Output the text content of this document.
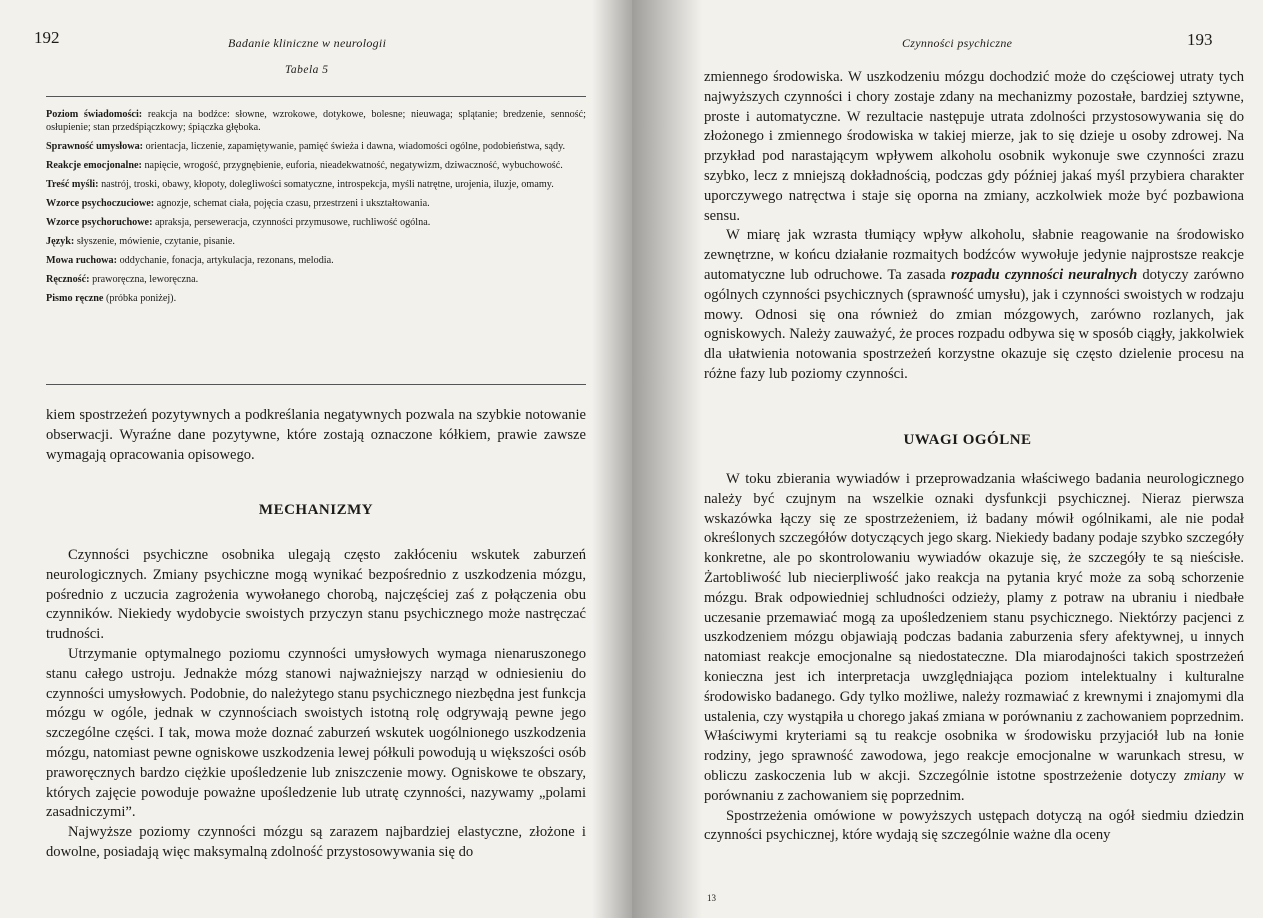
192	Badanie kliniczne w neurologii
Tabela 5
Poziom świadomości: reakcja na bodźce: słowne, wzrokowe, dotykowe, bolesne; nieuwaga; splątanie; bredzenie, senność; osłupienie; stan przedśpiączkowy; śpiączka głęboka.
Sprawność umysłowa: orientacja, liczenie, zapamiętywanie, pamięć świeża i dawna, wiadomości ogólne, podobieństwa, sądy.
Reakcje emocjonalne: napięcie, wrogość, przygnębienie, euforia, nieadekwatność, negatywizm, dziwaczność, wybuchowość.
Treść myśli: nastrój, troski, obawy, kłopoty, dolegliwości somatyczne, introspekcja, myśli natrętne, urojenia, iluzje, omamy.
Wzorce psychoczuciowe: agnozje, schemat ciała, pojęcia czasu, przestrzeni i ukształtowania.
Wzorce psychoruchowe: apraksja, perseweracja, czynności przymusowe, ruchliwość ogólna.
Język: słyszenie, mówienie, czytanie, pisanie.
Mowa ruchowa: oddychanie, fonacja, artykulacja, rezonans, melodia.
Ręczność: praworęczna, leworęczna.
Pismo ręczne (próbka poniżej).

kiem spostrzeżeń pozytywnych a podkreślania negatywnych pozwala na szybkie notowanie obserwacji. Wyraźne dane pozytywne, które zostają oznaczone kółkiem, prawie zawsze wymagają opracowania opisowego.

MECHANIZMY

Czynności psychiczne osobnika ulegają często zakłóceniu wskutek zaburzeń neurologicznych. Zmiany psychiczne mogą wynikać bezpośrednio z uszkodzenia mózgu, pośrednio z uczucia zagrożenia wywołanego chorobą, najczęściej zaś z połączenia obu czynników. Niekiedy wydobycie swoistych przyczyn stanu psychicznego może nastręczać trudności.

Utrzymanie optymalnego poziomu czynności umysłowych wymaga nienaruszonego stanu całego ustroju. Jednakże mózg stanowi najważniejszy narząd w odniesieniu do czynności umysłowych. Podobnie, do należytego stanu psychicznego niezbędna jest funkcja mózgu w ogóle, jednak w czynnościach swoistych istotną rolę odgrywają pewne jego szczególne części. I tak, mowa może doznać zaburzeń wskutek uogólnionego uszkodzenia mózgu, natomiast pewne ogniskowe uszkodzenia lewej półkuli powodują u większości osób praworęcznych bardzo ciężkie upośledzenie lub zniszczenie mowy. Ogniskowe te obszary, których zajęcie powoduje poważne upośledzenie lub utratę czynności, nazywamy „polami zasadniczymi”.

Najwyższe poziomy czynności mózgu są zarazem najbardziej elastyczne, złożone i dowolne, posiadają więc maksymalną zdolność przystosowywania się do

Czynności psychiczne	193

zmiennego środowiska. W uszkodzeniu mózgu dochodzić może do częściowej utraty tych najwyższych czynności i chory zostaje zdany na mechanizmy pozostałe, bardziej sztywne, proste i automatyczne. W rezultacie następuje utrata zdolności przystosowywania się do złożonego i zmiennego środowiska w takiej mierze, jak to się dzieje u osoby zdrowej. Na przykład pod narastającym wpływem alkoholu osobnik wykonuje swe czynności zrazu szybko, lecz z mniejszą dokładnością, podczas gdy później jakaś myśl przybiera charakter uporczywego natręctwa i staje się oporna na zmiany, aczkolwiek może być pozbawiona sensu.

W miarę jak wzrasta tłumiący wpływ alkoholu, słabnie reagowanie na środowisko zewnętrzne, w końcu działanie rozmaitych bodźców wywołuje jedynie najprostsze reakcje automatyczne lub odruchowe. Ta zasada rozpadu czynności neuralnych dotyczy zarówno ogólnych czynności psychicznych (sprawność umysłu), jak i czynności swoistych w rodzaju mowy. Odnosi się ona również do zmian mózgowych, zarówno rozlanych, jak ogniskowych. Należy zauważyć, że proces rozpadu odbywa się w sposób ciągły, jakkolwiek dla ułatwienia notowania spostrzeżeń korzystne okazuje się często dzielenie procesu na różne fazy lub poziomy czynności.

UWAGI OGÓLNE

W toku zbierania wywiadów i przeprowadzania właściwego badania neurologicznego należy być czujnym na wszelkie oznaki dysfunkcji psychicznej. Nieraz pierwsza wskazówka łączy się ze spostrzeżeniem, iż badany mówił ogólnikami, ale nie podał określonych szczegółów dotyczących jego skarg. Niekiedy badany podaje szybko szczegóły konkretne, ale po skontrolowaniu wywiadów okazuje się, że szczegóły te są nieścisłe. Żartobliwość lub niecierpliwość jako reakcja na pytania kryć może za sobą schorzenie mózgu. Brak odpowiedniej schludności odzieży, plamy z potraw na ubraniu i niedbałe uczesanie przemawiać mogą za upośledzeniem stanu psychicznego. Niektórzy pacjenci z uszkodzeniem mózgu objawiają podczas badania zaburzenia sfery afektywnej, u innych natomiast reakcje emocjonalne są niedostateczne. Dla miarodajności takich spostrzeżeń konieczna jest ich interpretacja uwzględniająca poziom intelektualny i kulturalne środowisko badanego. Gdy tylko możliwe, należy rozmawiać z krewnymi i znajomymi dla ustalenia, czy wystąpiła u chorego jakaś zmiana w porównaniu z zachowaniem poprzednim. Właściwymi kryteriami są tu reakcje osobnika w środowisku przyjaciół lub na łonie rodziny, jego sprawność zawodowa, jego reakcje emocjonalne w warunkach stresu, w obliczu zaskoczenia lub w akcji. Szczególnie istotne spostrzeżenie dotyczy zmiany w porównaniu z zachowaniem się poprzednim.

Spostrzeżenia omówione w powyższych ustępach dotyczą na ogół siedmiu dziedzin czynności psychicznej, które wydają się szczególnie ważne dla oceny

13
